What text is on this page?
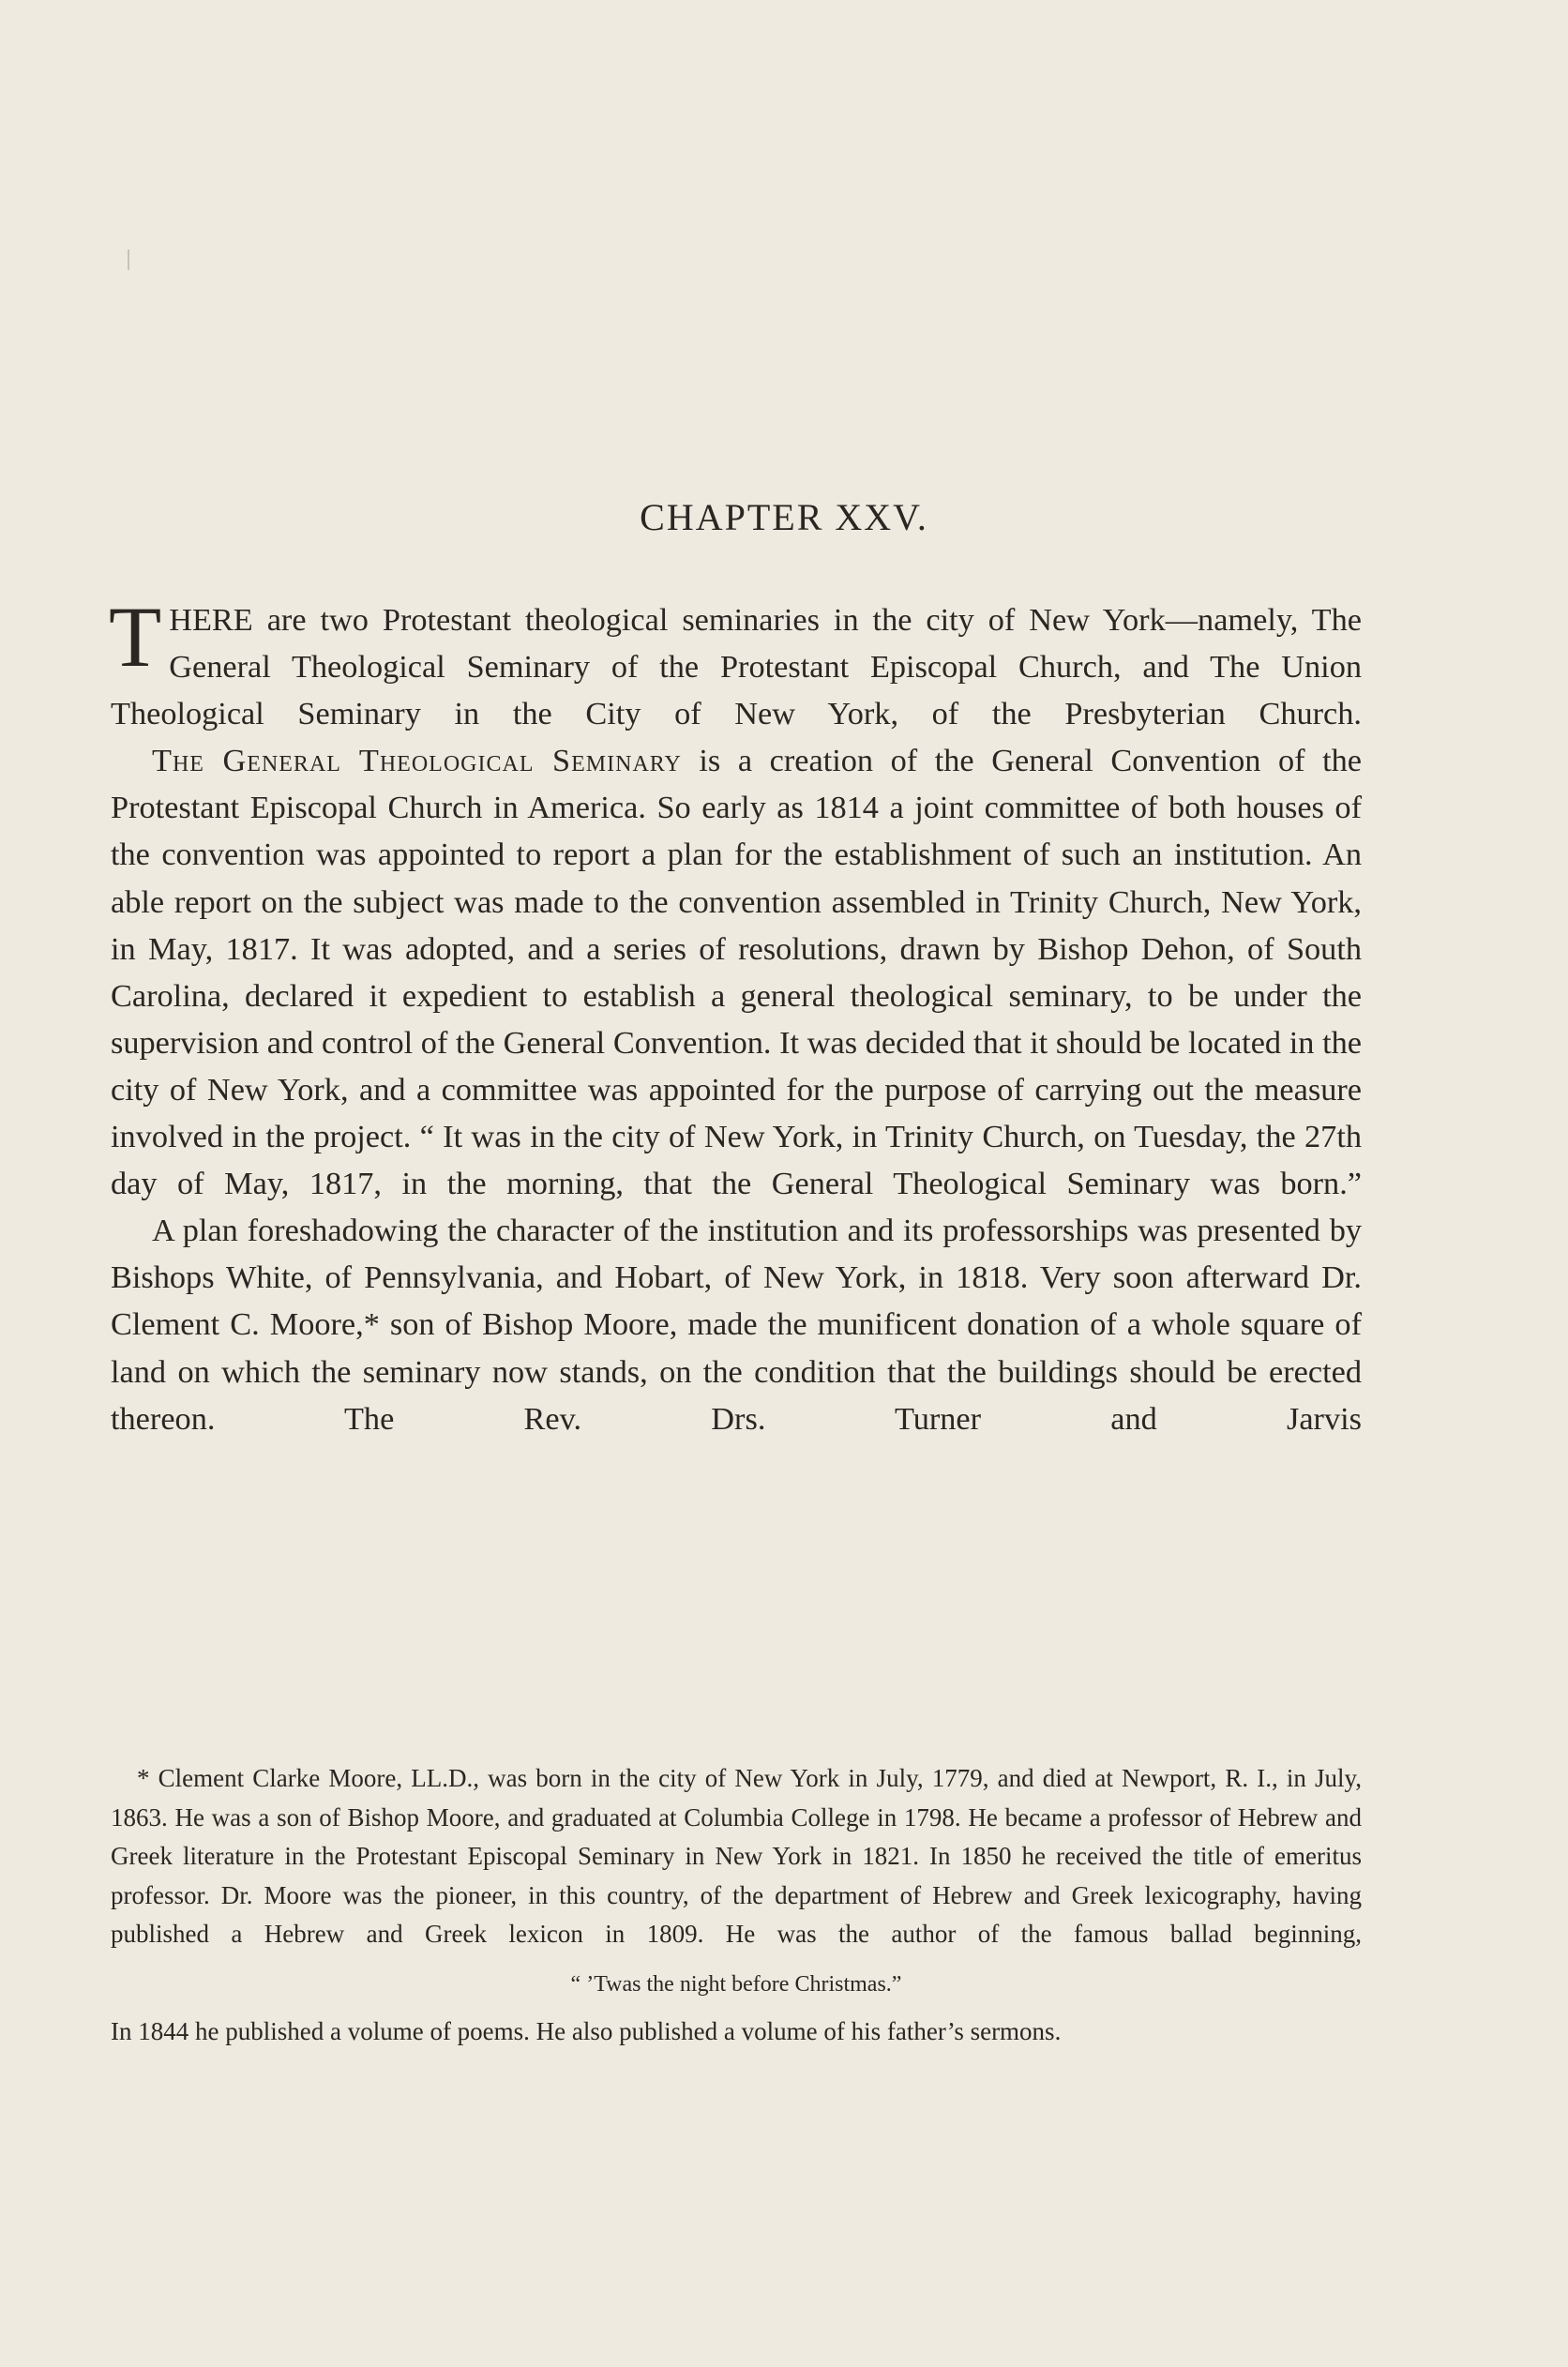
CHAPTER XXV.

THERE are two Protestant theological seminaries in the city of New York—namely, The General Theological Seminary of the Protestant Episcopal Church, and The Union Theological Seminary in the City of New York, of the Presbyterian Church.

The General Theological Seminary is a creation of the General Convention of the Protestant Episcopal Church in America. So early as 1814 a joint committee of both houses of the convention was appointed to report a plan for the establishment of such an institution. An able report on the subject was made to the convention assembled in Trinity Church, New York, in May, 1817. It was adopted, and a series of resolutions, drawn by Bishop Dehon, of South Carolina, declared it expedient to establish a general theological seminary, to be under the supervision and control of the General Convention. It was decided that it should be located in the city of New York, and a committee was appointed for the purpose of carrying out the measure involved in the project. “ It was in the city of New York, in Trinity Church, on Tuesday, the 27th day of May, 1817, in the morning, that the General Theological Seminary was born.”

A plan foreshadowing the character of the institution and its professorships was presented by Bishops White, of Pennsylvania, and Hobart, of New York, in 1818. Very soon afterward Dr. Clement C. Moore,* son of Bishop Moore, made the munificent donation of a whole square of land on which the seminary now stands, on the condition that the buildings should be erected thereon. The Rev. Drs. Turner and Jarvis

* Clement Clarke Moore, LL.D., was born in the city of New York in July, 1779, and died at Newport, R. I., in July, 1863. He was a son of Bishop Moore, and graduated at Columbia College in 1798. He became a professor of Hebrew and Greek literature in the Protestant Episcopal Seminary in New York in 1821. In 1850 he received the title of emeritus professor. Dr. Moore was the pioneer, in this country, of the department of Hebrew and Greek lexicography, having published a Hebrew and Greek lexicon in 1809. He was the author of the famous ballad beginning,

“ ’Twas the night before Christmas.”

In 1844 he published a volume of poems. He also published a volume of his father’s sermons.
